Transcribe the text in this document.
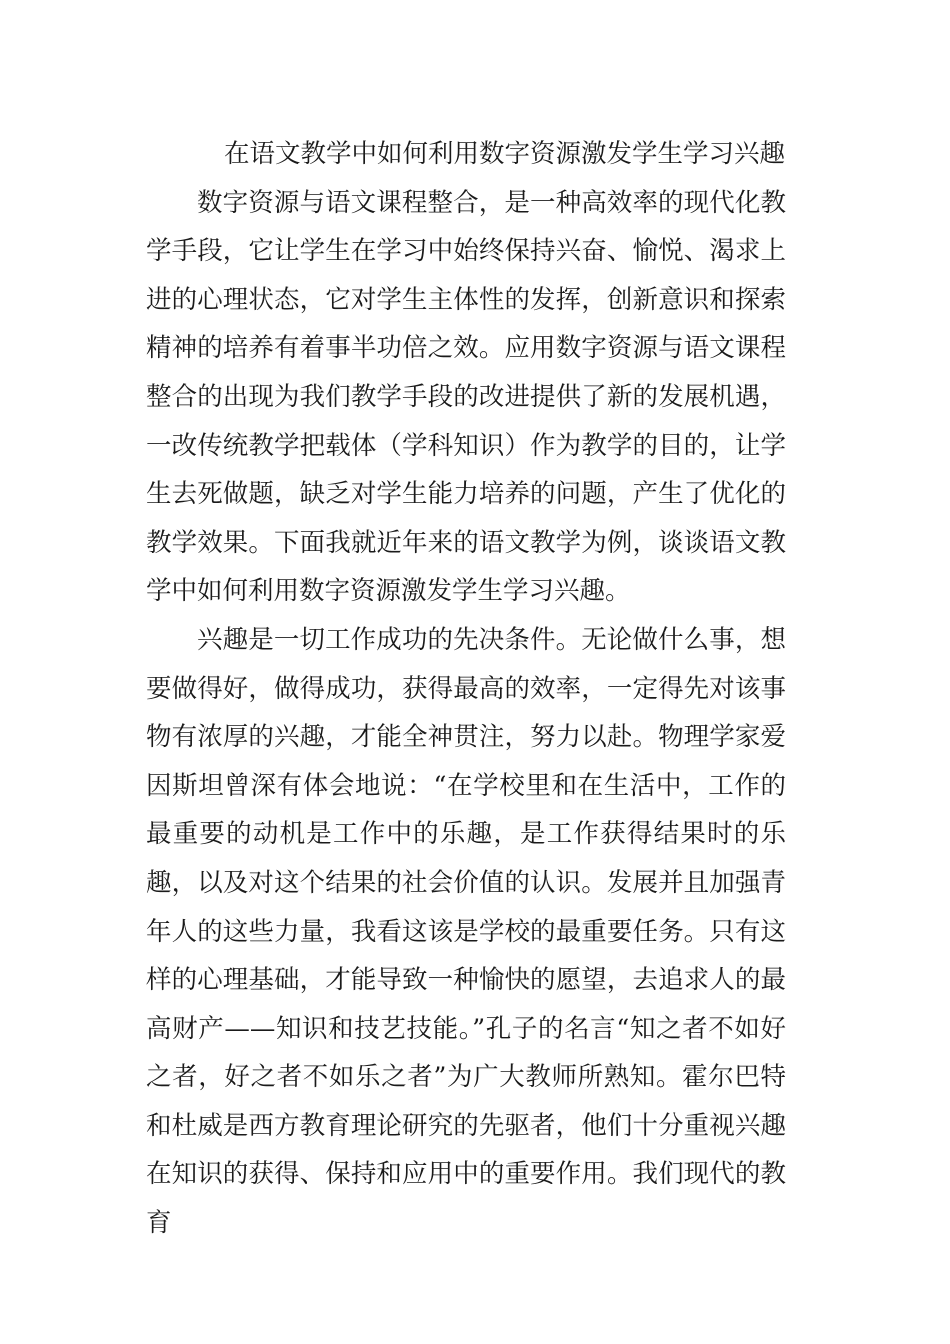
在语文教学中如何利用数字资源激发学生学习兴趣

数字资源与语文课程整合，是一种高效率的现代化教学手段，它让学生在学习中始终保持兴奋、愉悦、渴求上进的心理状态，它对学生主体性的发挥，创新意识和探索精神的培养有着事半功倍之效。应用数字资源与语文课程整合的出现为我们教学手段的改进提供了新的发展机遇，一改传统教学把载体（学科知识）作为教学的目的，让学生去死做题，缺乏对学生能力培养的问题，产生了优化的教学效果。下面我就近年来的语文教学为例，谈谈语文教学中如何利用数字资源激发学生学习兴趣。

兴趣是一切工作成功的先决条件。无论做什么事，想要做得好，做得成功，获得最高的效率，一定得先对该事物有浓厚的兴趣，才能全神贯注，努力以赴。物理学家爱因斯坦曾深有体会地说：“在学校里和在生活中，工作的最重要的动机是工作中的乐趣，是工作获得结果时的乐趣，以及对这个结果的社会价值的认识。发展并且加强青年人的这些力量，我看这该是学校的最重要任务。只有这样的心理基础，才能导致一种愉快的愿望，去追求人的最高财产——知识和技艺技能。”孔子的名言“知之者不如好之者，好之者不如乐之者”为广大教师所熟知。霍尔巴特和杜威是西方教育理论研究的先驱者，他们十分重视兴趣在知识的获得、保持和应用中的重要作用。我们现代的教育
